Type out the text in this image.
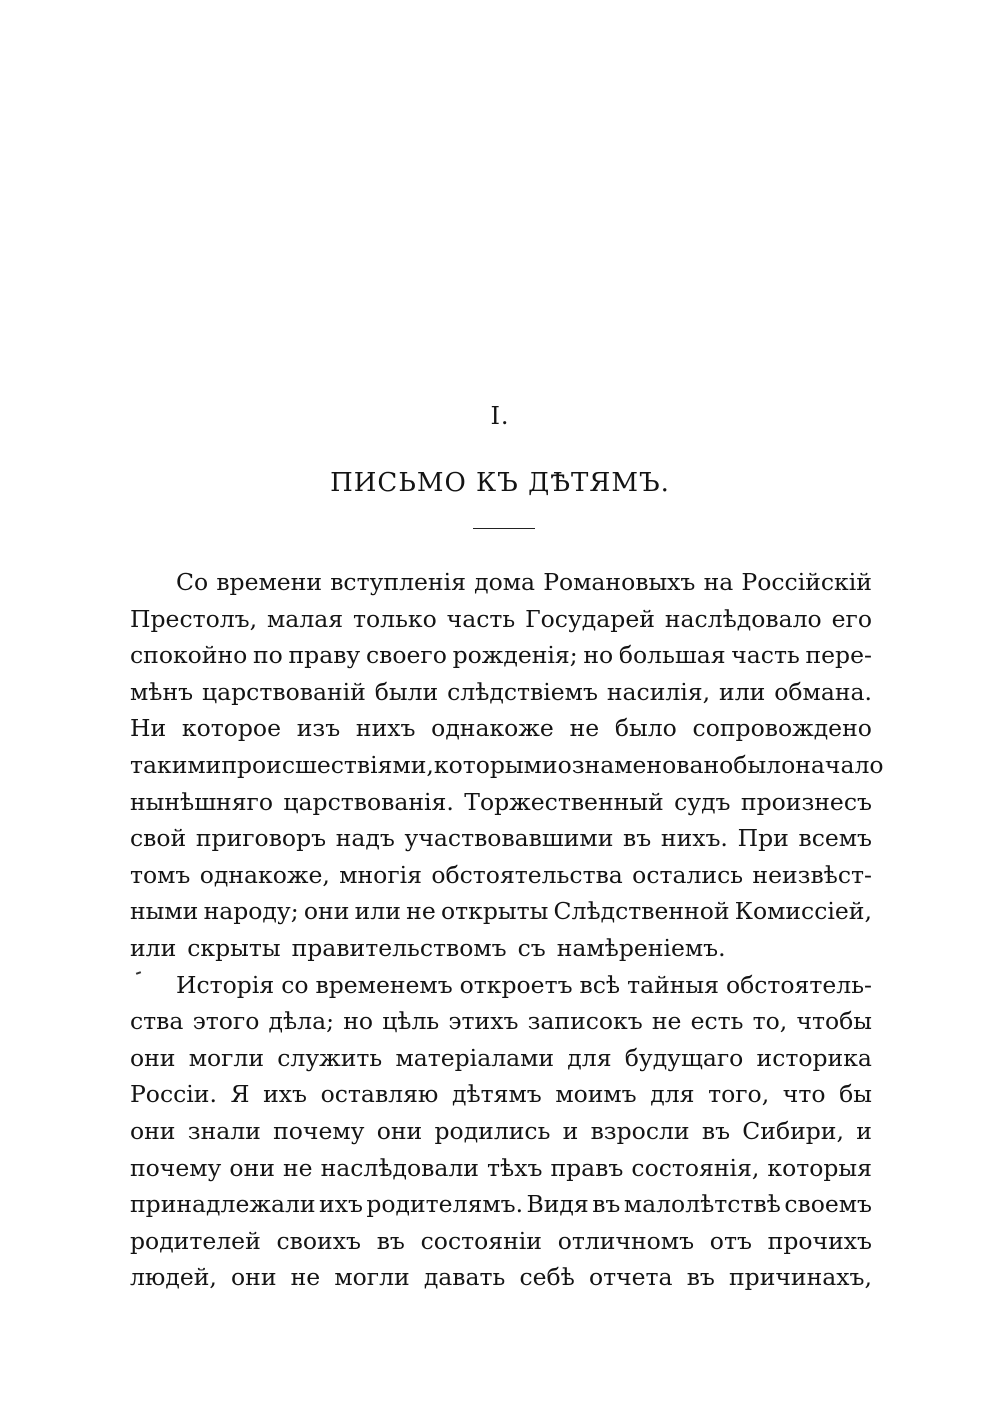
I.
ПИСЬМО КЪ ДѢТЯМЪ.
Со времени вступленія дома Романовыхъ на Россійскій
Престолъ, малая только часть Государей наслѣдовало его
спокойно по праву своего рожденія; но большая часть пере-
мѣнъ царствованій были слѣдствіемъ насилія, или обмана.
Ни которое изъ нихъ однакоже не было сопровождено
такими происшествіями, которыми ознаменовано было начало
нынѣшняго царствованія. Торжественный судъ произнесъ
свой приговоръ надъ участвовавшими въ нихъ. При всемъ
томъ однакоже, многія обстоятельства остались неизвѣст-
ными народу; они или не открыты Слѣдственной Комиссіей,
или скрыты правительствомъ съ намѣреніемъ.
Исторія со временемъ откроетъ всѣ тайныя обстоятель-
ства этого дѣла; но цѣль этихъ записокъ не есть то, чтобы
они могли служить матеріалами для будущаго историка
Россіи. Я ихъ оставляю дѣтямъ моимъ для того, что бы
они знали почему они родились и взросли въ Сибири, и
почему они не наслѣдовали тѣхъ правъ состоянія, которыя
принадлежали ихъ родителямъ. Видя въ малолѣтствѣ своемъ
родителей своихъ въ состояніи отличномъ отъ прочихъ
людей, они не могли давать себѣ отчета въ причинахъ,
